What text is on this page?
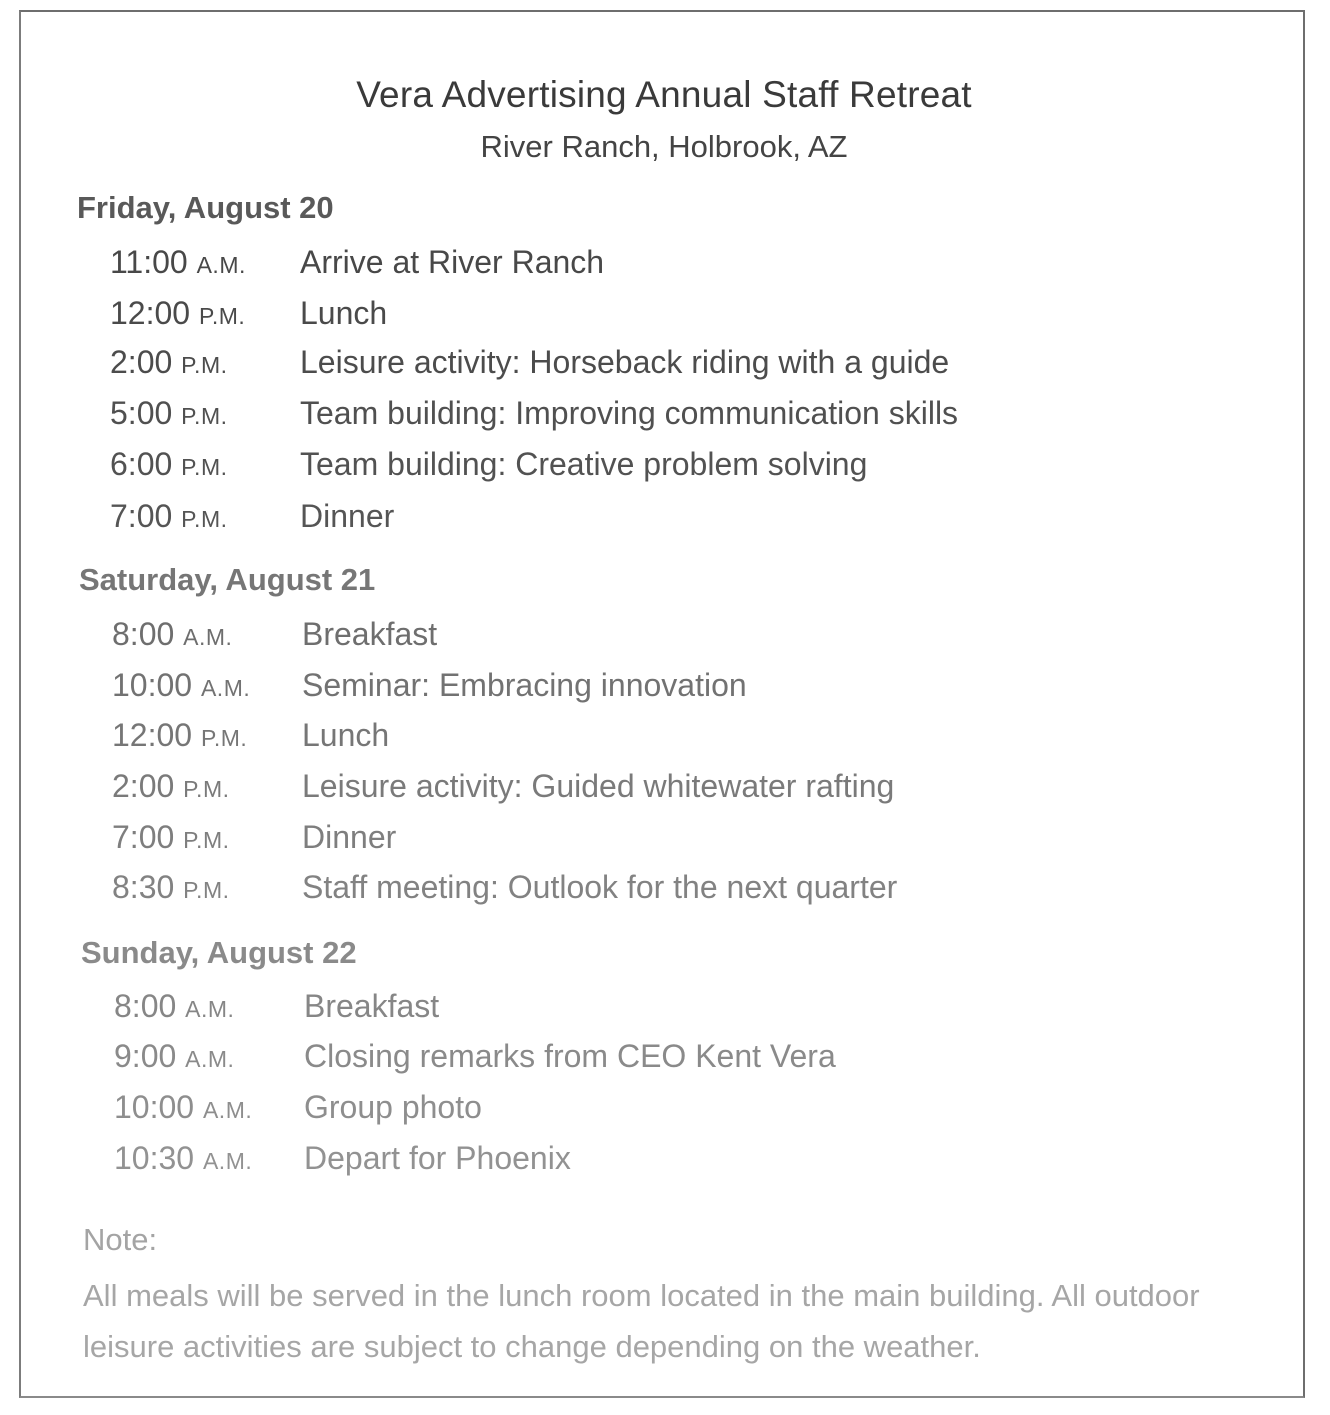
Vera Advertising Annual Staff Retreat
River Ranch, Holbrook, AZ
Friday, August 20
11:00 A.M. Arrive at River Ranch
12:00 P.M. Lunch
2:00 P.M. Leisure activity: Horseback riding with a guide
5:00 P.M. Team building: Improving communication skills
6:00 P.M. Team building: Creative problem solving
7:00 P.M. Dinner
Saturday, August 21
8:00 A.M. Breakfast
10:00 A.M. Seminar: Embracing innovation
12:00 P.M. Lunch
2:00 P.M. Leisure activity: Guided whitewater rafting
7:00 P.M. Dinner
8:30 P.M. Staff meeting: Outlook for the next quarter
Sunday, August 22
8:00 A.M. Breakfast
9:00 A.M. Closing remarks from CEO Kent Vera
10:00 A.M. Group photo
10:30 A.M. Depart for Phoenix
Note:
All meals will be served in the lunch room located in the main building. All outdoor leisure activities are subject to change depending on the weather.
